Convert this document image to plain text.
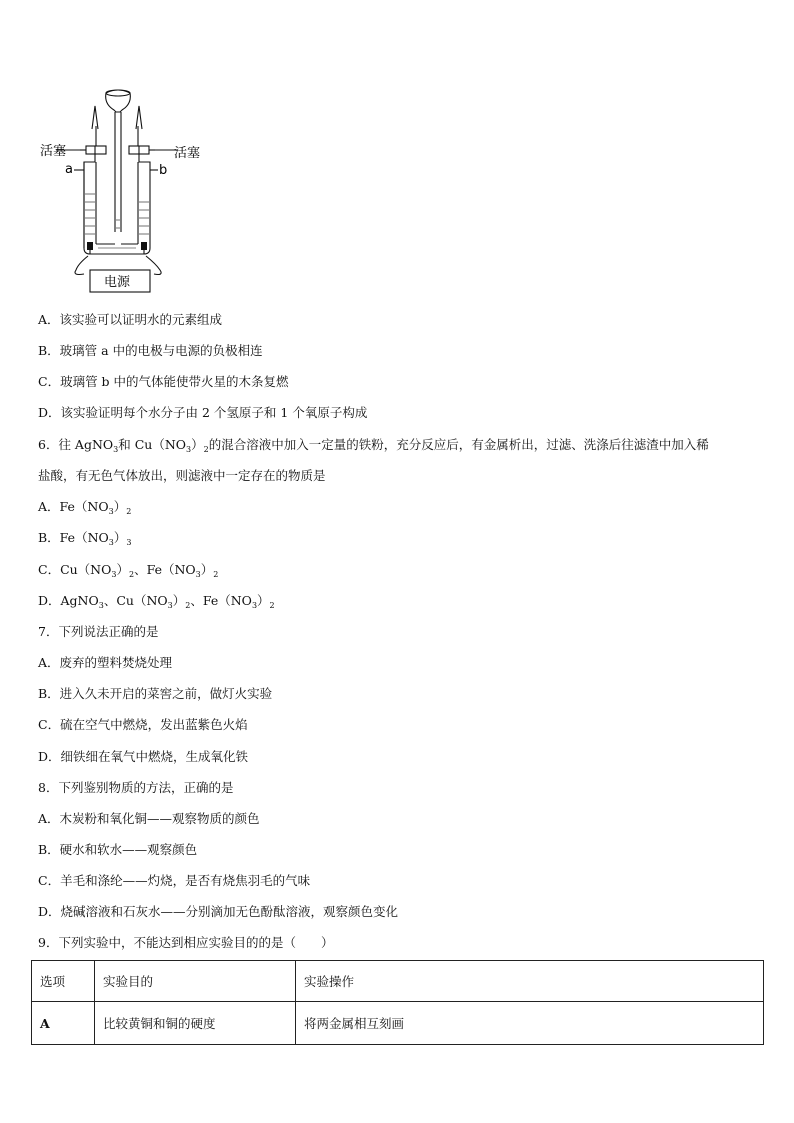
活塞	活塞
a	b
电源
A．该实验可以证明水的元素组成
B．玻璃管 a 中的电极与电源的负极相连
C．玻璃管 b 中的气体能使带火星的木条复燃
D．该实验证明每个水分子由 2 个氢原子和 1 个氧原子构成
6．往 AgNO$_3$和 $Cu(NO_3)_2$的混合溶液中加入一定量的铁粉，充分反应后，有金属析出，过滤、洗涤后往滤渣中加入稀
盐酸，有无色气体放出，则滤液中一定存在的物质是
A．$Fe(NO_3)_2$
B．$Fe(NO_3)_3$
C．$Cu(NO_3)_2$、$Fe(NO_3)_2$
D．AgNO$_3$、$Cu(NO_3)_2$、$Fe(NO_3)_2$
7．下列说法正确的是
A．废弃的塑料焚烧处理
B．进入久未开启的菜窖之前，做灯火实验
C．硫在空气中燃烧，发出蓝紫色火焰
D．细铁细在氧气中燃烧，生成氧化铁
8．下列鉴别物质的方法，正确的是
A．木炭粉和氧化铜——观察物质的颜色
B．硬水和软水——观察颜色
C．羊毛和涤纶——灼烧，是否有烧焦羽毛的气味
D．烧碱溶液和石灰水——分别滴加无色酚酞溶液，观察颜色变化
9．下列实验中，不能达到相应实验目的的是（　　）
选项	实验目的	实验操作
A	比较黄铜和铜的硬度	将两金属相互刻画
